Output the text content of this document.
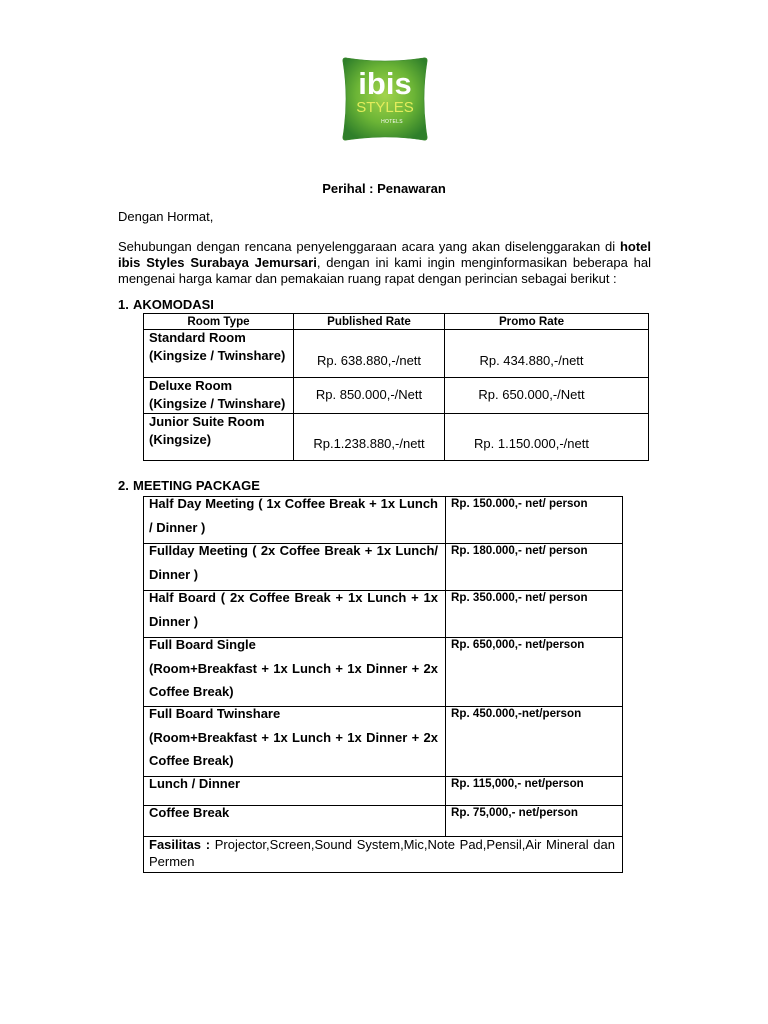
ibis
STYLES
HOTELS
Perihal : Penawaran
Dengan Hormat,

Sehubungan dengan rencana penyelenggaraan acara yang akan diselenggarakan di hotel ibis Styles Surabaya Jemursari, dengan ini kami ingin menginformasikan beberapa hal mengenai harga kamar dan pemakaian ruang rapat dengan perincian sebagai berikut :

1. AKOMODASI
Room Type	Published Rate	Promo Rate

Standard Room
(Kingsize / Twinshare)	Rp. 638.880,-/nett	Rp. 434.880,-/nett

Deluxe Room
(Kingsize / Twinshare)	Rp. 850.000,-/Nett	Rp. 650.000,-/Nett

Junior Suite Room
(Kingsize)	Rp.1.238.880,-/nett	Rp. 1.150.000,-/nett
2. MEETING PACKAGE
Half Day Meeting ( 1x Coffee Break + 1x Lunch / Dinner )	Rp. 150.000,- net/ person

Fullday Meeting ( 2x Coffee Break + 1x Lunch/ Dinner )	Rp. 180.000,- net/ person

Half Board ( 2x Coffee Break + 1x Lunch + 1x Dinner )	Rp. 350.000,- net/ person

Full Board Single
(Room+Breakfast + 1x Lunch + 1x Dinner + 2x Coffee Break)	Rp. 650,000,- net/person

Full Board Twinshare
(Room+Breakfast + 1x Lunch + 1x Dinner + 2x Coffee Break)	Rp. 450.000,-net/person

Lunch / Dinner	Rp. 115,000,- net/person

Coffee Break	Rp. 75,000,- net/person

Fasilitas : Projector,Screen,Sound System,Mic,Note Pad,Pensil,Air Mineral dan Permen	
